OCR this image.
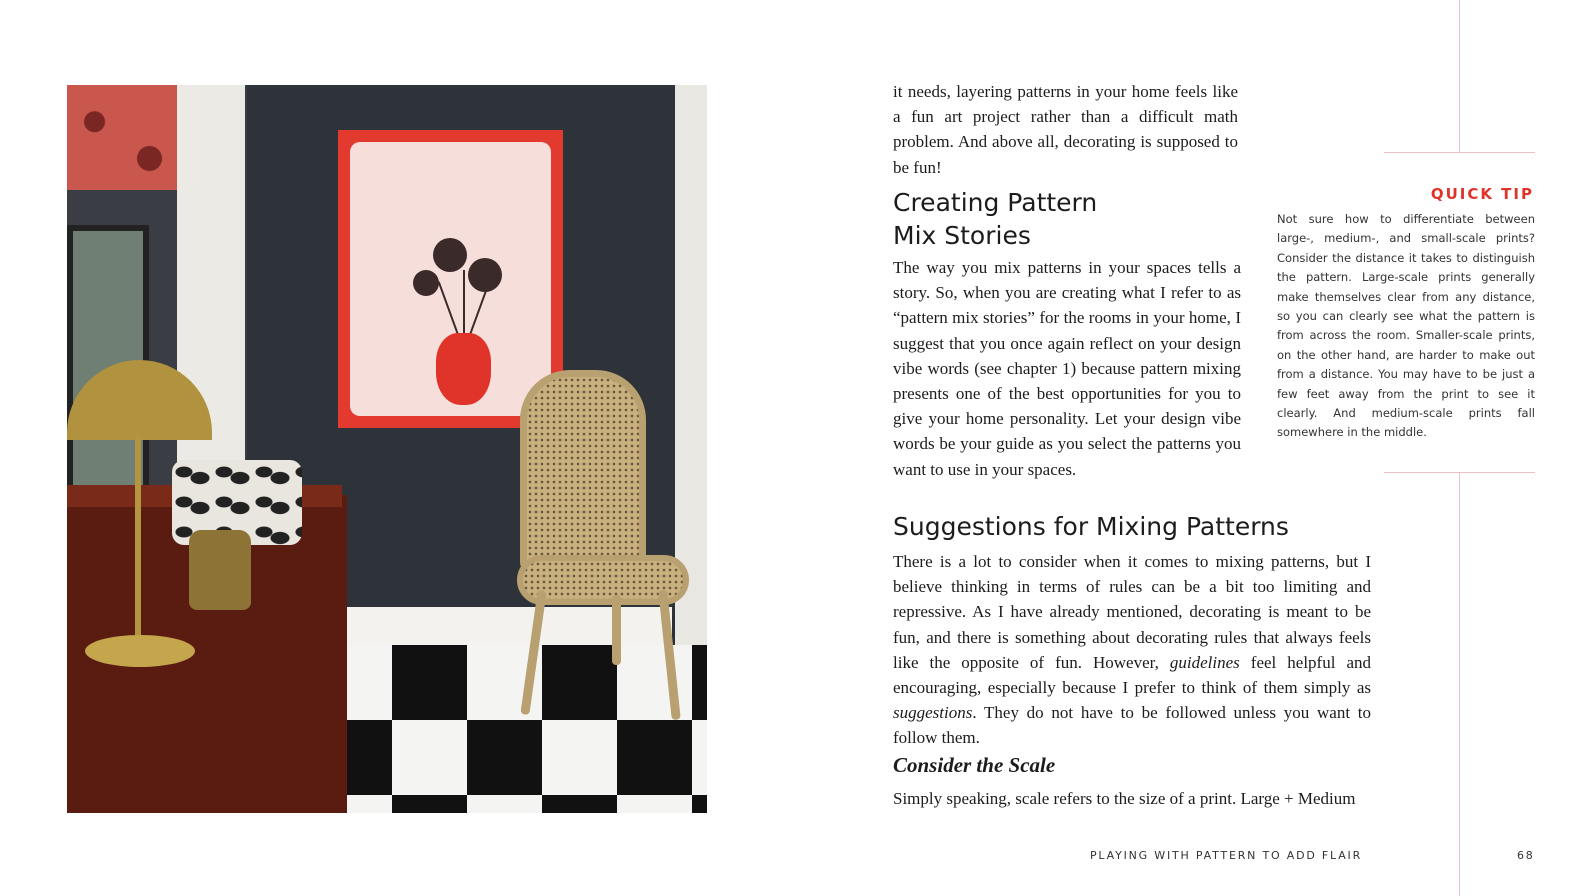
it needs, layering patterns in your home feels like a fun art project rather than a difficult math problem. And above all, decorating is supposed to be fun!

Creating Pattern Mix Stories

The way you mix patterns in your spaces tells a story. So, when you are creating what I refer to as “pattern mix stories” for the rooms in your home, I suggest that you once again reflect on your design vibe words (see chapter 1) because pattern mixing presents one of the best opportunities for you to give your home personality. Let your design vibe words be your guide as you select the patterns you want to use in your spaces.

Suggestions for Mixing Patterns

There is a lot to consider when it comes to mixing patterns, but I believe thinking in terms of rules can be a bit too limiting and repressive. As I have already mentioned, decorating is meant to be fun, and there is something about decorating rules that always feels like the opposite of fun. However, guidelines feel helpful and encouraging, especially because I prefer to think of them simply as suggestions. They do not have to be followed unless you want to follow them.

Consider the Scale

Simply speaking, scale refers to the size of a print. Large + Medium

QUICK TIP

Not sure how to differentiate between large-, medium-, and small-scale prints? Consider the distance it takes to distinguish the pattern. Large-scale prints generally make themselves clear from any distance, so you can clearly see what the pattern is from across the room. Smaller-scale prints, on the other hand, are harder to make out from a distance. You may have to be just a few feet away from the print to see it clearly. And medium-scale prints fall somewhere in the middle.

PLAYING WITH PATTERN TO ADD FLAIR	68
